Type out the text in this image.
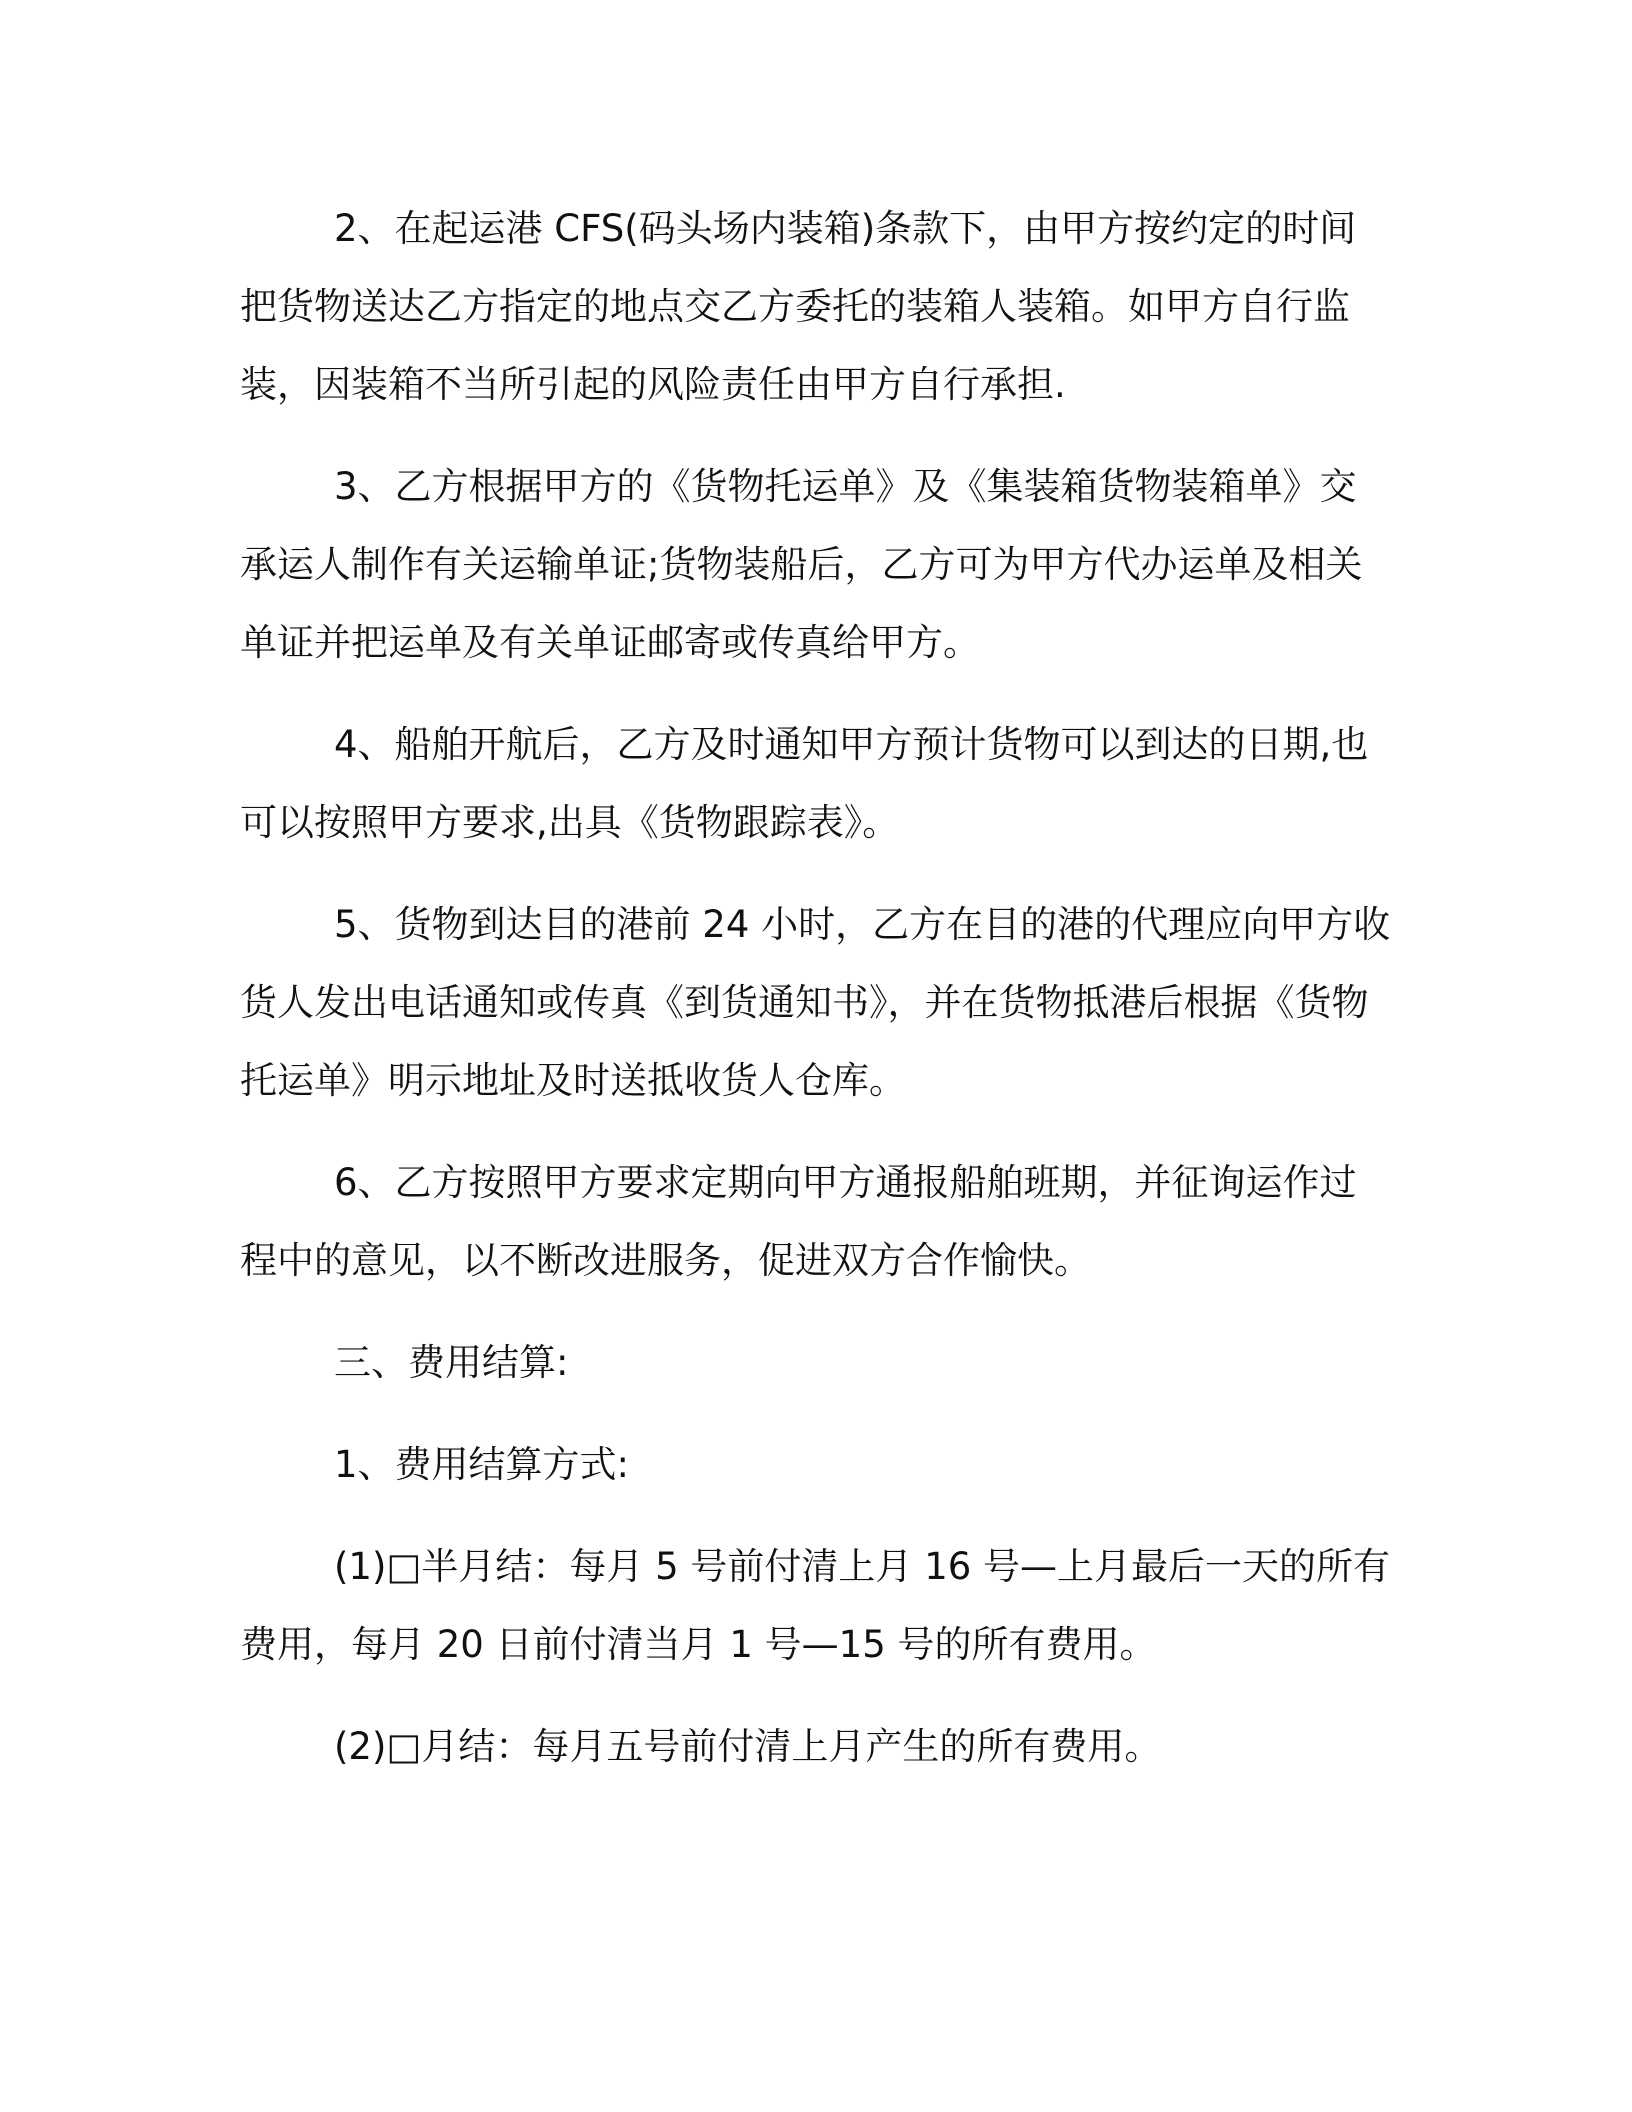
2、在起运港 CFS(码头场内装箱)条款下，由甲方按约定的时间把货物送达乙方指定的地点交乙方委托的装箱人装箱。如甲方自行监装，因装箱不当所引起的风险责任由甲方自行承担.

3、乙方根据甲方的《货物托运单》及《集装箱货物装箱单》交承运人制作有关运输单证;货物装船后，乙方可为甲方代办运单及相关单证并把运单及有关单证邮寄或传真给甲方。

4、船舶开航后，乙方及时通知甲方预计货物可以到达的日期,也可以按照甲方要求,出具《货物跟踪表》。

5、货物到达目的港前 24 小时，乙方在目的港的代理应向甲方收货人发出电话通知或传真《到货通知书》，并在货物抵港后根据《货物托运单》明示地址及时送抵收货人仓库。

6、乙方按照甲方要求定期向甲方通报船舶班期，并征询运作过程中的意见，以不断改进服务，促进双方合作愉快。

三、费用结算:

1、费用结算方式:

(1)□半月结：每月 5 号前付清上月 16 号—上月最后一天的所有费用，每月 20 日前付清当月 1 号—15 号的所有费用。

(2)□月结：每月五号前付清上月产生的所有费用。
